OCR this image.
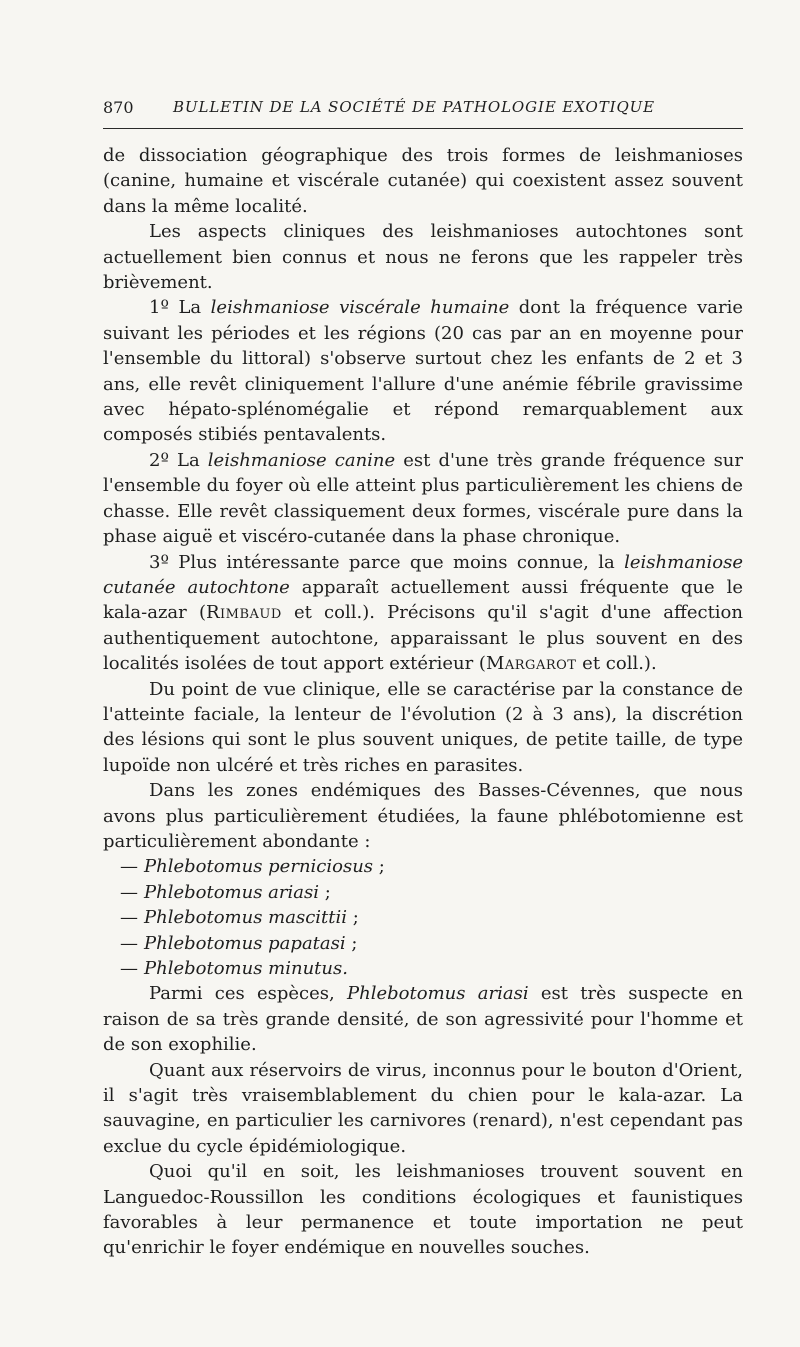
870	BULLETIN DE LA SOCIÉTÉ DE PATHOLOGIE EXOTIQUE

de dissociation géographique des trois formes de leishmanioses (canine, humaine et viscérale cutanée) qui coexistent assez souvent dans la même localité.

Les aspects cliniques des leishmanioses autochtones sont actuellement bien connus et nous ne ferons que les rappeler très brièvement.

1º La leishmaniose viscérale humaine dont la fréquence varie suivant les périodes et les régions (20 cas par an en moyenne pour l'ensemble du littoral) s'observe surtout chez les enfants de 2 et 3 ans, elle revêt cliniquement l'allure d'une anémie fébrile gravissime avec hépato-splénomégalie et répond remarquablement aux composés stibiés pentavalents.

2º La leishmaniose canine est d'une très grande fréquence sur l'ensemble du foyer où elle atteint plus particulièrement les chiens de chasse. Elle revêt classiquement deux formes, viscérale pure dans la phase aiguë et viscéro-cutanée dans la phase chronique.

3º Plus intéressante parce que moins connue, la leishmaniose cutanée autochtone apparaît actuellement aussi fréquente que le kala-azar (Rimbaud et coll.). Précisons qu'il s'agit d'une affection authentiquement autochtone, apparaissant le plus souvent en des localités isolées de tout apport extérieur (Margarot et coll.).

Du point de vue clinique, elle se caractérise par la constance de l'atteinte faciale, la lenteur de l'évolution (2 à 3 ans), la discrétion des lésions qui sont le plus souvent uniques, de petite taille, de type lupoïde non ulcéré et très riches en parasites.

Dans les zones endémiques des Basses-Cévennes, que nous avons plus particulièrement étudiées, la faune phlébotomienne est particulièrement abondante :

— Phlebotomus perniciosus ;
— Phlebotomus ariasi ;
— Phlebotomus mascittii ;
— Phlebotomus papatasi ;
— Phlebotomus minutus.

Parmi ces espèces, Phlebotomus ariasi est très suspecte en raison de sa très grande densité, de son agressivité pour l'homme et de son exophilie.

Quant aux réservoirs de virus, inconnus pour le bouton d'Orient, il s'agit très vraisemblablement du chien pour le kala-azar. La sauvagine, en particulier les carnivores (renard), n'est cependant pas exclue du cycle épidémiologique.

Quoi qu'il en soit, les leishmanioses trouvent souvent en Languedoc-Roussillon les conditions écologiques et faunistiques favorables à leur permanence et toute importation ne peut qu'enrichir le foyer endémique en nouvelles souches.
